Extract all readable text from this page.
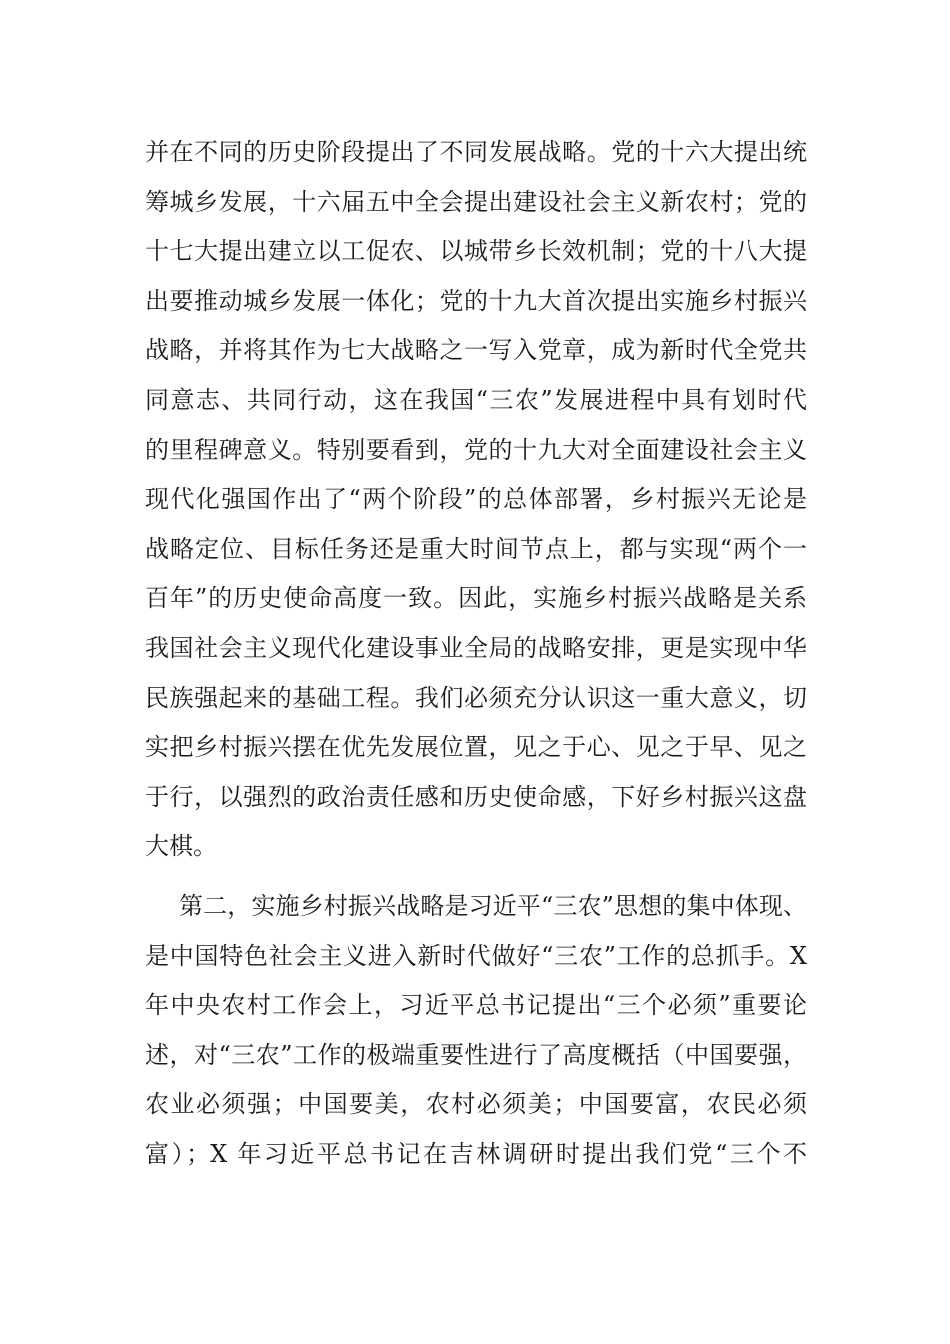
并在不同的历史阶段提出了不同发展战略。党的十六大提出统
筹城乡发展，十六届五中全会提出建设社会主义新农村；党的
十七大提出建立以工促农、以城带乡长效机制；党的十八大提
出要推动城乡发展一体化；党的十九大首次提出实施乡村振兴
战略，并将其作为七大战略之一写入党章，成为新时代全党共
同意志、共同行动，这在我国“三农”发展进程中具有划时代
的里程碑意义。特别要看到，党的十九大对全面建设社会主义
现代化强国作出了“两个阶段”的总体部署，乡村振兴无论是
战略定位、目标任务还是重大时间节点上，都与实现“两个一
百年”的历史使命高度一致。因此，实施乡村振兴战略是关系
我国社会主义现代化建设事业全局的战略安排，更是实现中华
民族强起来的基础工程。我们必须充分认识这一重大意义，切
实把乡村振兴摆在优先发展位置，见之于心、见之于早、见之
于行，以强烈的政治责任感和历史使命感，下好乡村振兴这盘
大棋。
第二，实施乡村振兴战略是习近平“三农”思想的集中体现、
是中国特色社会主义进入新时代做好“三农”工作的总抓手。X
年中央农村工作会上，习近平总书记提出“三个必须”重要论
述，对“三农”工作的极端重要性进行了高度概括（中国要强，
农业必须强；中国要美，农村必须美；中国要富，农民必须
富）；X 年习近平总书记在吉林调研时提出我们党“三个不
